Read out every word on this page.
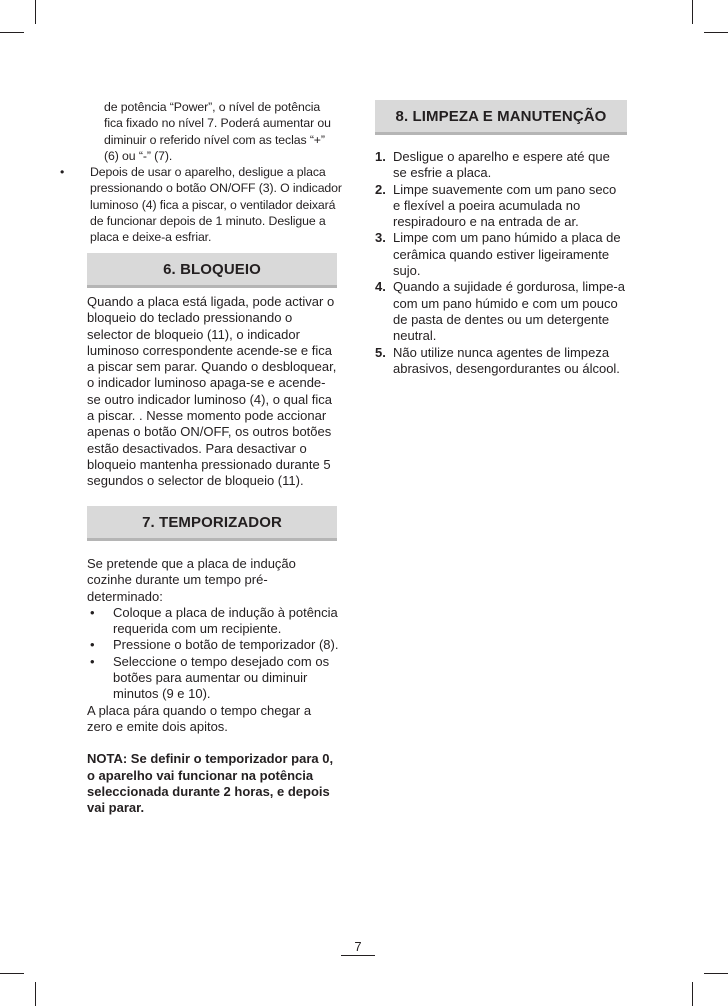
de potência “Power”, o nível de potência

fica fixado no nível 7. Poderá aumentar ou

diminuir o referido nível com as teclas “+”

(6) ou “-” (7).

• Depois de usar o aparelho, desligue a placa pressionando o botão ON/OFF (3). O indicador luminoso (4) fica a piscar, o ventilador deixará de funcionar depois de 1 minuto. Desligue a placa e deixe-a esfriar.
6. BLOQUEIO

Quando a placa está ligada, pode activar o bloqueio do teclado pressionando o selector de bloqueio (11), o indicador luminoso correspondente acende-se e fica a piscar sem parar. Quando o desbloquear, o indicador luminoso apaga-se e acende-se outro indicador luminoso (4), o qual fica a piscar. . Nesse momento pode accionar apenas o botão ON/OFF, os outros botões estão desactivados. Para desactivar o bloqueio mantenha pressionado durante 5 segundos o selector de bloqueio (11).

7. TEMPORIZADOR

Se pretende que a placa de indução cozinhe durante um tempo pré-determinado:

• Coloque a placa de indução à potência requerida com um recipiente.
• Pressione o botão de temporizador (8).
• Seleccione o tempo desejado com os botões para aumentar ou diminuir minutos (9 e 10).

A placa pára quando o tempo chegar a zero e emite dois apitos.

NOTA: Se definir o temporizador para 0, o aparelho vai funcionar na potência seleccionada durante 2 horas, e depois vai parar.

8. LIMPEZA E MANUTENÇÃO
1. Desligue o aparelho e espere até que se esfrie a placa.
2. Limpe suavemente com um pano seco e flexível a poeira acumulada no respiradouro e na entrada de ar.
3. Limpe com um pano húmido a placa de cerâmica quando estiver ligeiramente sujo.
4. Quando a sujidade é gordurosa, limpe-a com um pano húmido e com um pouco de pasta de dentes ou um detergente neutral.
5. Não utilize nunca agentes de limpeza abrasivos, desengordurantes ou álcool.
7
